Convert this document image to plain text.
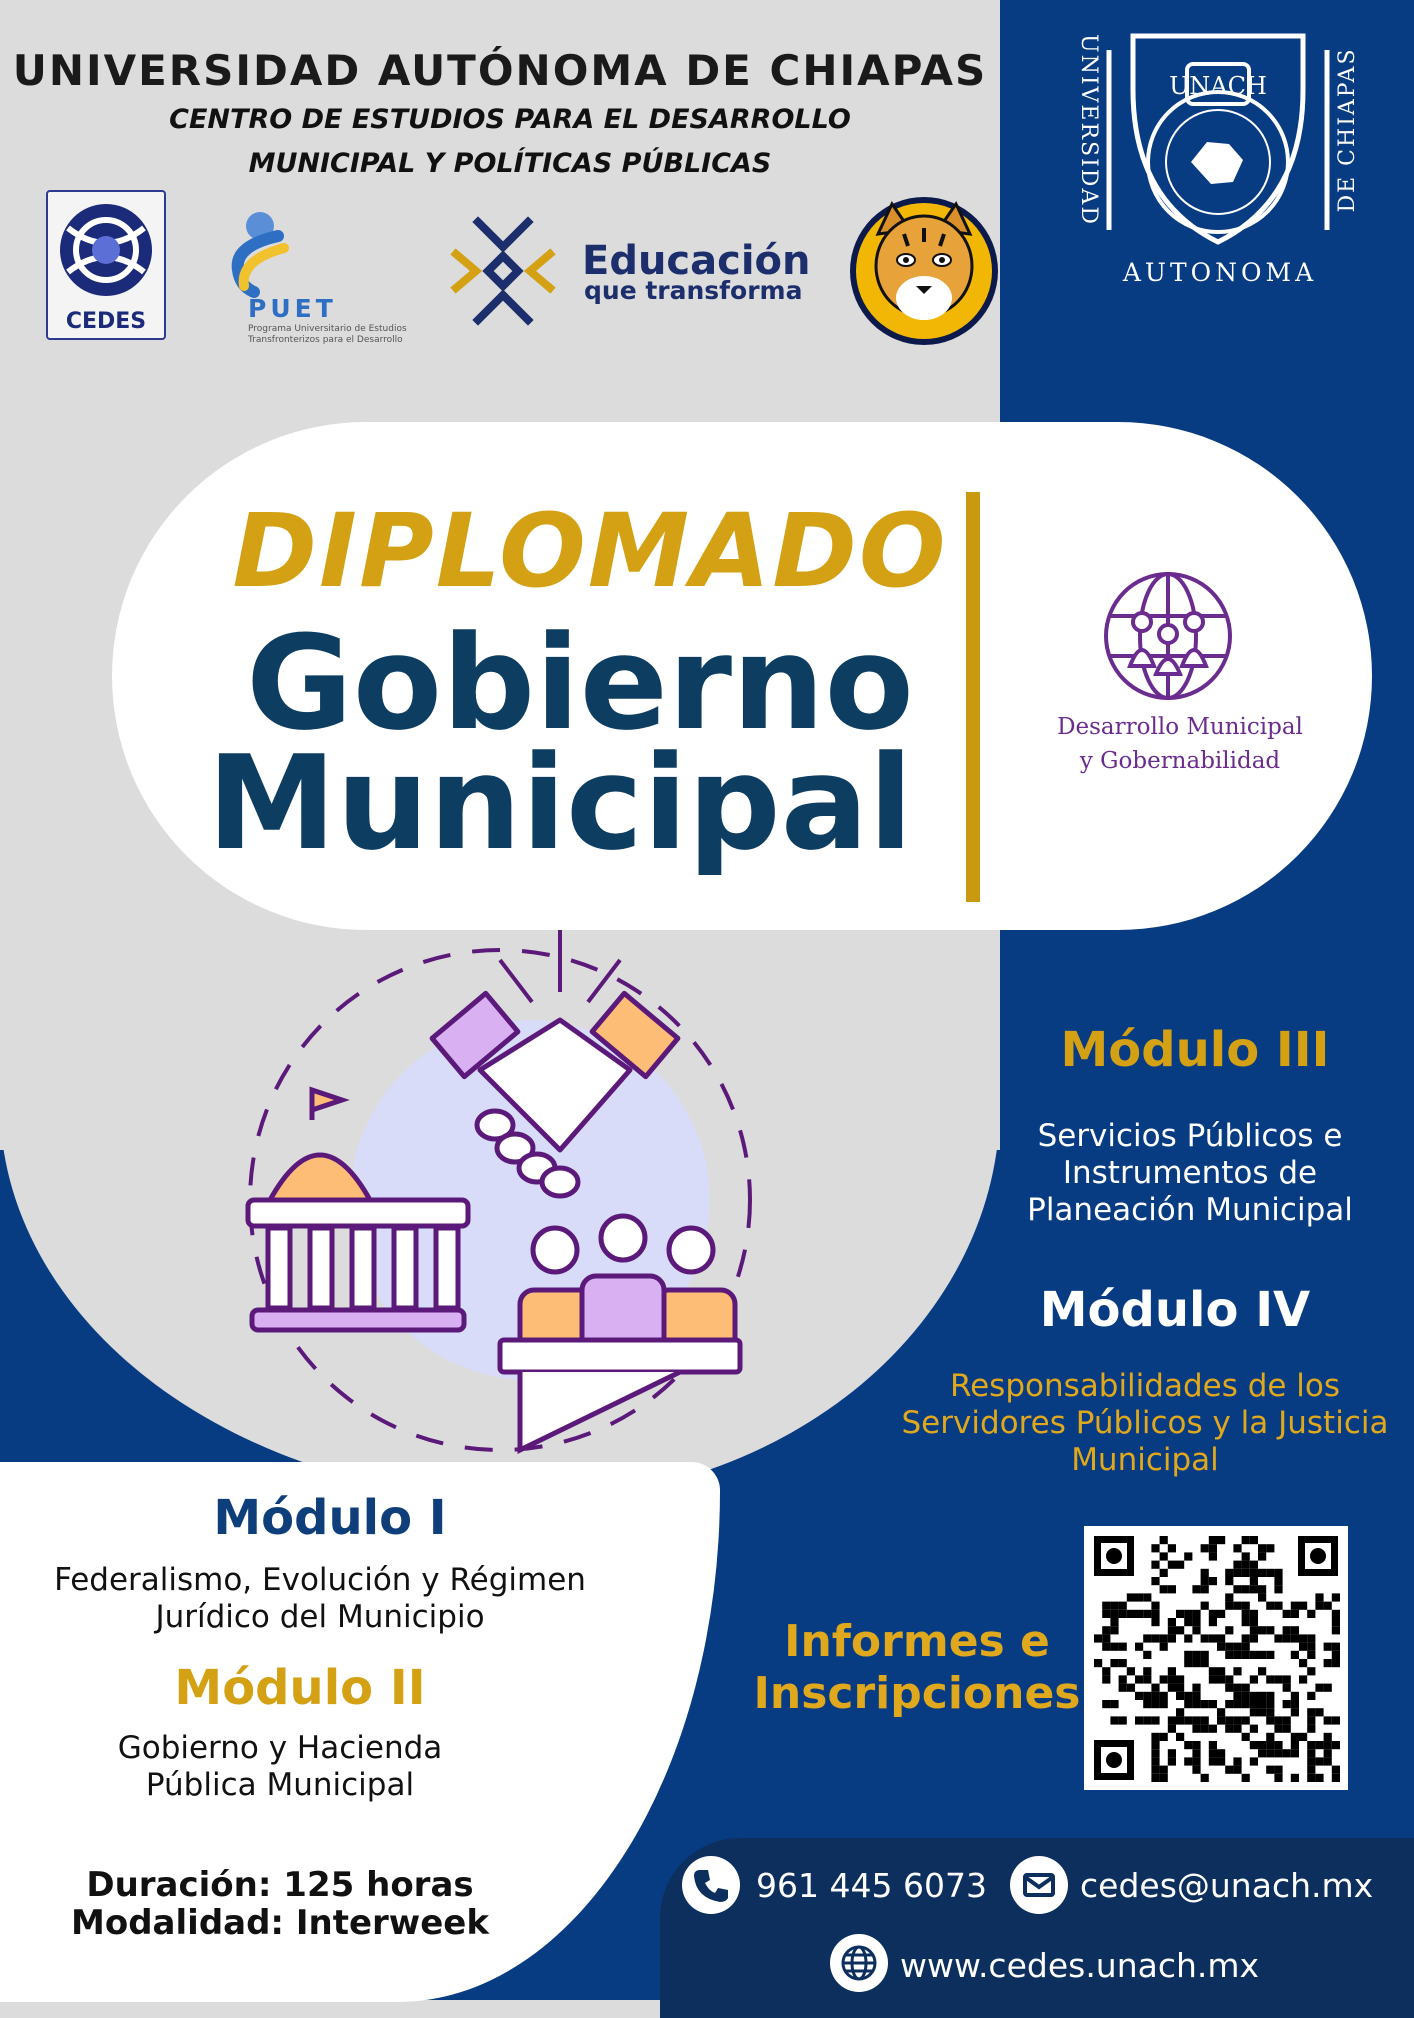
UNIVERSIDAD AUTÓNOMA DE CHIAPAS
CENTRO DE ESTUDIOS PARA EL DESARROLLO
MUNICIPAL Y POLÍTICAS PÚBLICAS
CEDES	PUET
Programa Universitario de Estudios Transfronterizos para el Desarrollo
Educación
que transforma
UNACH
UNIVERSIDAD	DE CHIAPAS
AUTONOMA
DIPLOMADO
Gobierno
Municipal	Desarrollo Municipal
y Gobernabilidad
Módulo III
Servicios Públicos e Instrumentos de Planeación Municipal
Módulo IV
Responsabilidades de los Servidores Públicos y la Justicia Municipal
Módulo I
Federalismo, Evolución y Régimen Jurídico del Municipio
Módulo II
Gobierno y Hacienda Pública Municipal
Duración: 125 horas
Modalidad: Interweek
Informes e Inscripciones
961 445 6073	cedes@unach.mx
www.cedes.unach.mx
